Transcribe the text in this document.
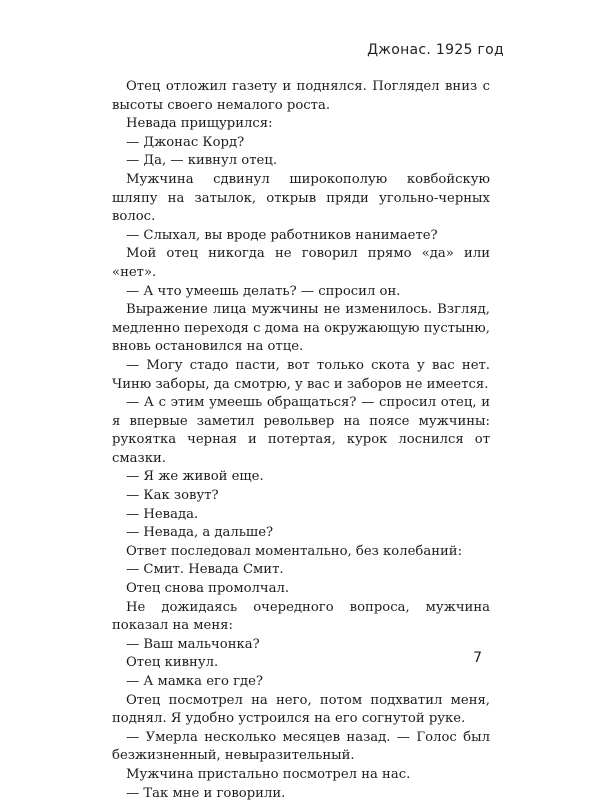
Джонас. 1925 год

Отец отложил газету и поднялся. Поглядел вниз с высоты своего немалого роста.

Невада прищурился:

— Джонас Корд?

— Да, — кивнул отец.

Мужчина сдвинул широкополую ковбойскую шляпу на затылок, открыв пряди угольно-черных волос.

— Слыхал, вы вроде работников нанимаете?

Мой отец никогда не говорил прямо «да» или «нет».

— А что умеешь делать? — спросил он.

Выражение лица мужчины не изменилось. Взгляд, медленно переходя с дома на окружающую пустыню, вновь остановился на отце.

— Могу стадо пасти, вот только скота у вас нет. Чиню заборы, да смотрю, у вас и заборов не имеется.

— А с этим умеешь обращаться? — спросил отец, и я впервые заметил револьвер на поясе мужчины: рукоятка черная и потертая, курок лоснился от смазки.

— Я же живой еще.

— Как зовут?

— Невада.

— Невада, а дальше?

Ответ последовал моментально, без колебаний:

— Смит. Невада Смит.

Отец снова промолчал.

Не дожидаясь очередного вопроса, мужчина показал на меня:

— Ваш мальчонка?

Отец кивнул.

— А мамка его где?

Отец посмотрел на него, потом подхватил меня, поднял. Я удобно устроился на его согнутой руке.

— Умерла несколько месяцев назад. — Голос был безжизненный, невыразительный.

Мужчина пристально посмотрел на нас.

— Так мне и говорили.

7
